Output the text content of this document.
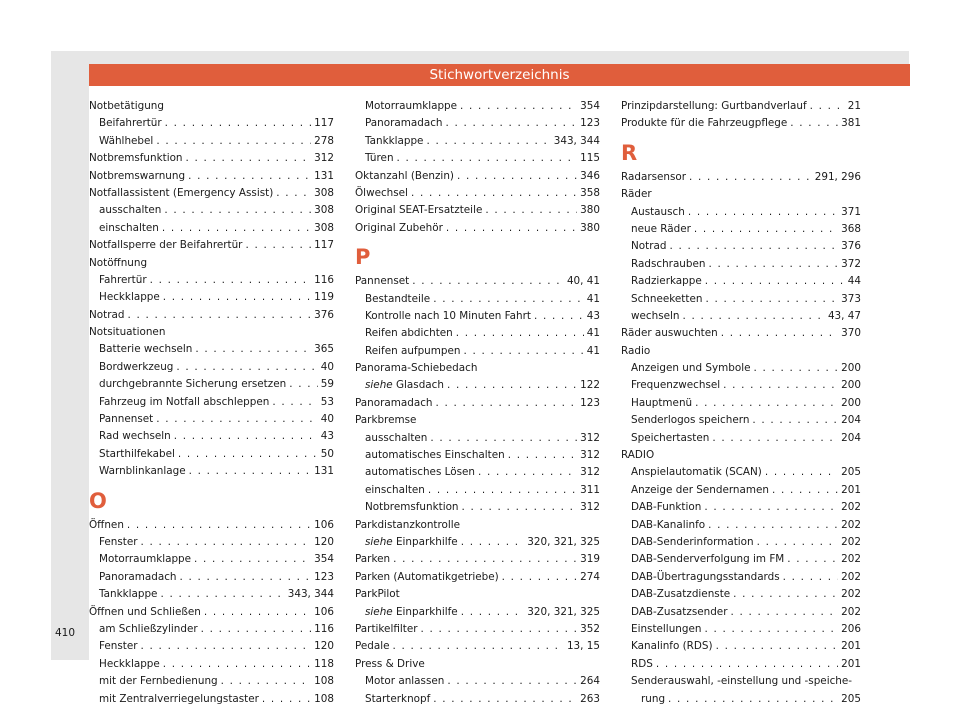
Stichwortverzeichnis
Notbetätigung
Beifahrertür . . .	117
Wählhebel . . .	278
Notbremsfunktion . . .	312
Notbremswarnung . . .	131
Notfallassistent (Emergency Assist) . . .	308
ausschalten . . .	308
einschalten . . .	308
Notfallsperre der Beifahrertür . . .	117
Notöffnung
Fahrertür . . .	116
Heckklappe . . .	119
Notrad . . .	376
Notsituationen
Batterie wechseln . . .	365
Bordwerkzeug . . .	40
durchgebrannte Sicherung ersetzen . . .	59
Fahrzeug im Notfall abschleppen . . .	53
Pannenset . . .	40
Rad wechseln . . .	43
Starthilfekabel . . .	50
Warnblinkanlage . . .	131
O
Öffnen . . .	106
Fenster . . .	120
Motorraumklappe . . .	354
Panoramadach . . .	123
Tankklappe . . .	343, 344
Öffnen und Schließen . . .	106
am Schließzylinder . . .	116
Fenster . . .	120
Heckklappe . . .	118
mit der Fernbedienung . . .	108
mit Zentralverriegelungstaster . . .	108
Motorraumklappe . . .	354
Panoramadach . . .	123
Tankklappe . . .	343, 344
Türen . . .	115
Oktanzahl (Benzin) . . .	346
Ölwechsel . . .	358
Original SEAT-Ersatzteile . . .	380
Original Zubehör . . .	380
P
Pannenset . . .	40, 41
Bestandteile . . .	41
Kontrolle nach 10 Minuten Fahrt . . .	43
Reifen abdichten . . .	41
Reifen aufpumpen . . .	41
Panorama-Schiebedach
siehe Glasdach . . .	122
Panoramadach . . .	123
Parkbremse
ausschalten . . .	312
automatisches Einschalten . . .	312
automatisches Lösen . . .	312
einschalten . . .	311
Notbremsfunktion . . .	312
Parkdistanzkontrolle
siehe Einparkhilfe . . .	320, 321, 325
Parken . . .	319
Parken (Automatikgetriebe) . . .	274
ParkPilot
siehe Einparkhilfe . . .	320, 321, 325
Partikelfilter . . .	352
Pedale . . .	13, 15
Press & Drive
Motor anlassen . . .	264
Starterknopf . . .	263
Prinzipdarstellung: Gurtbandverlauf . . .	21
Produkte für die Fahrzeugpflege . . .	381
R
Radarsensor . . .	291, 296
Räder
Austausch . . .	371
neue Räder . . .	368
Notrad . . .	376
Radschrauben . . .	372
Radzierkappe . . .	44
Schneeketten . . .	373
wechseln . . .	43, 47
Räder auswuchten . . .	370
Radio
Anzeigen und Symbole . . .	200
Frequenzwechsel . . .	200
Hauptmenü . . .	200
Senderlogos speichern . . .	204
Speichertasten . . .	204
RADIO
Anspielautomatik (SCAN) . . .	205
Anzeige der Sendernamen . . .	201
DAB-Funktion . . .	202
DAB-Kanalinfo . . .	202
DAB-Senderinformation . . .	202
DAB-Senderverfolgung im FM . . .	202
DAB-Übertragungsstandards . . .	202
DAB-Zusatzdienste . . .	202
DAB-Zusatzsender . . .	202
Einstellungen . . .	206
Kanalinfo (RDS) . . .	201
RDS . . .	201
Senderauswahl, -einstellung und -speiche-
rung . . .	205
410
